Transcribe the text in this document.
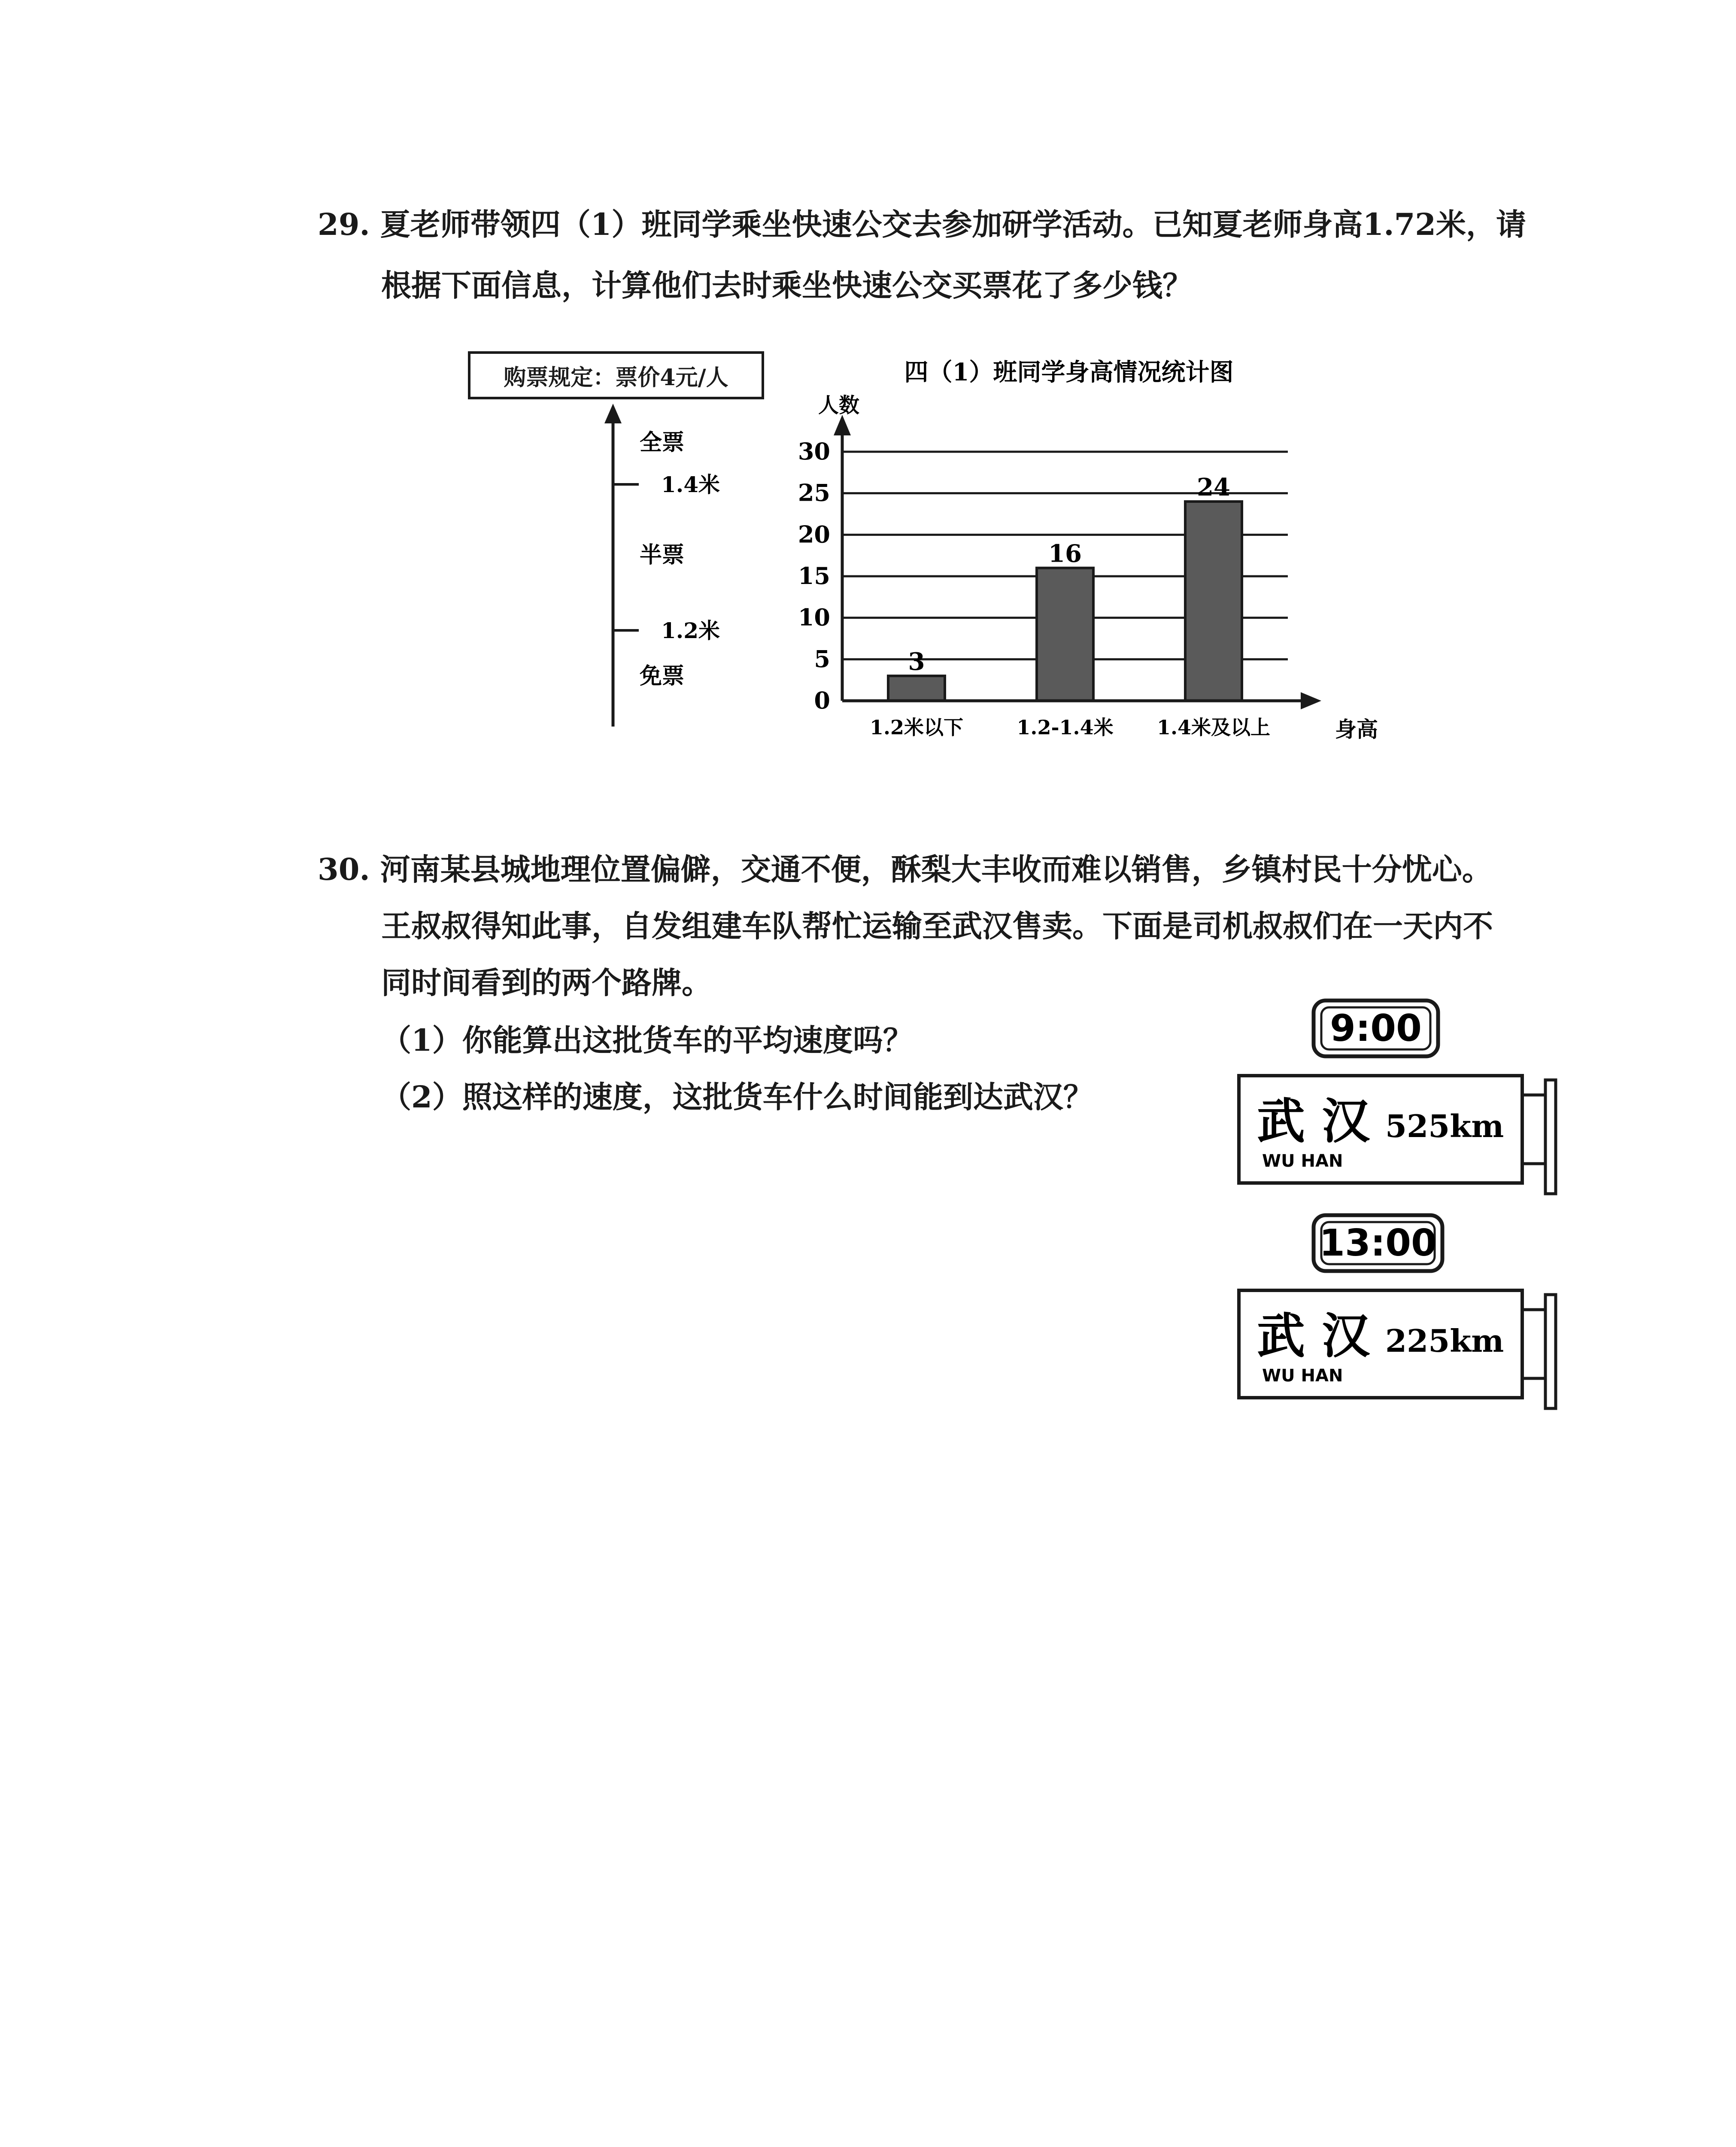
29. 夏老师带领四（1）班同学乘坐快速公交去参加研学活动。已知夏老师身高1.72米，请

根据下面信息，计算他们去时乘坐快速公交买票花了多少钱？

购票规定：票价4元/人
全票
1.4米
半票
1.2米
免票
0
5
10
15
20
25
30
3
1.2米以下
16
1.2-1.4米
24
1.4米及以上
四（1）班同学身高情况统计图
人数
身高

30. 河南某县城地理位置偏僻，交通不便，酥梨大丰收而难以销售，乡镇村民十分忧心。

王叔叔得知此事，自发组建车队帮忙运输至武汉售卖。下面是司机叔叔们在一天内不

同时间看到的两个路牌。

（1）你能算出这批货车的平均速度吗？

（2）照这样的速度，这批货车什么时间能到达武汉？

9:00
武 汉
WU HAN
525km
13:00
武 汉
WU HAN
225km
